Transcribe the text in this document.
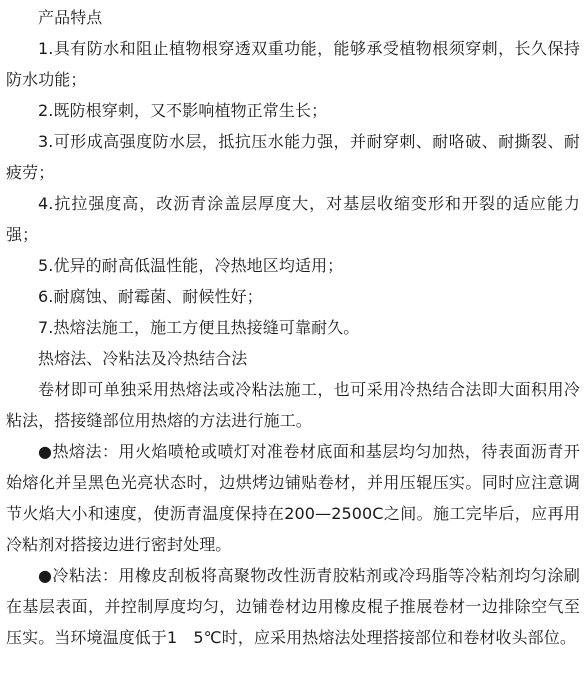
产品特点

1.具有防水和阻止植物根穿透双重功能，能够承受植物根须穿刺，长久保持防水功能；

2.既防根穿刺，又不影响植物正常生长；

3.可形成高强度防水层，抵抗压水能力强，并耐穿刺、耐咯破、耐撕裂、耐疲劳；

4.抗拉强度高，改沥青涂盖层厚度大，对基层收缩变形和开裂的适应能力强；

5.优异的耐高低温性能，冷热地区均适用；

6.耐腐蚀、耐霉菌、耐候性好；

7.热熔法施工，施工方便且热接缝可靠耐久。

热熔法、冷粘法及冷热结合法

卷材即可单独采用热熔法或冷粘法施工，也可采用冷热结合法即大面积用冷粘法，搭接缝部位用热熔的方法进行施工。

●热熔法：用火焰喷枪或喷灯对准卷材底面和基层均匀加热，待表面沥青开始熔化并呈黑色光亮状态时，边烘烤边铺贴卷材，并用压辊压实。同时应注意调节火焰大小和速度，使沥青温度保持在200—2500C之间。施工完毕后，应再用冷粘剂对搭接边进行密封处理。

●冷粘法：用橡皮刮板将高聚物改性沥青胶粘剂或冷玛脂等冷粘剂均匀涂刷在基层表面，并控制厚度均匀，边铺卷材边用橡皮棍子推展卷材一边排除空气至压实。当环境温度低于1　5℃时，应采用热熔法处理搭接部位和卷材收头部位。
